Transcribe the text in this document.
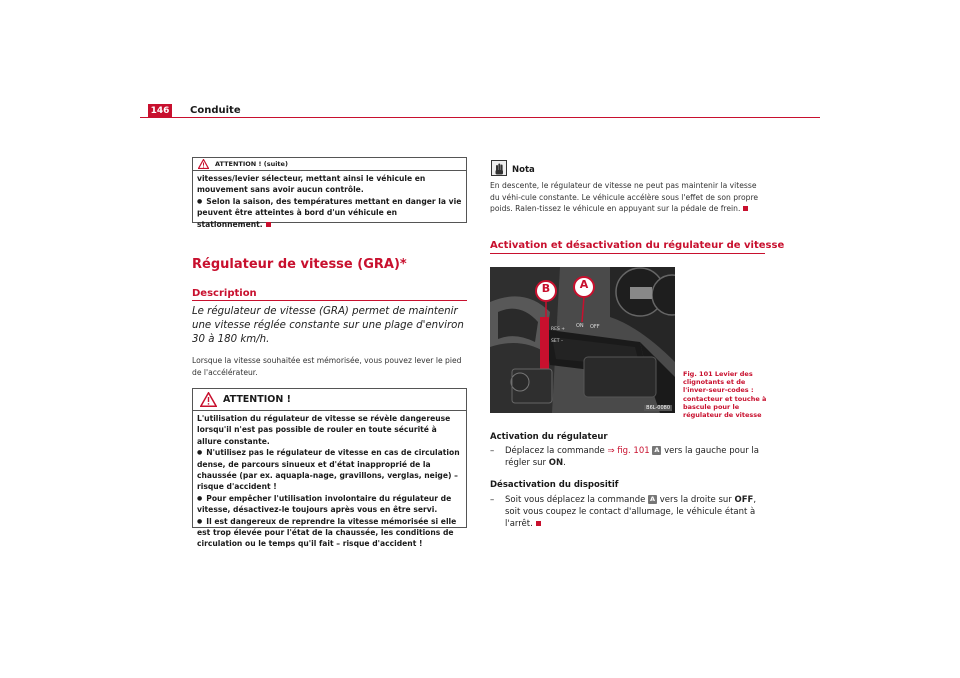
146 Conduite
ATTENTION ! (suite)

vitesses/levier sélecteur, mettant ainsi le véhicule en mouvement sans avoir aucun contrôle.

● Selon la saison, des températures mettant en danger la vie peuvent être atteintes à bord d'un véhicule en stationnement.

Régulateur de vitesse (GRA)*
Description
Le régulateur de vitesse (GRA) permet de maintenir une vitesse réglée constante sur une plage d'environ 30 à 180 km/h.
Lorsque la vitesse souhaitée est mémorisée, vous pouvez lever le pied de l'accélérateur.
ATTENTION !

L'utilisation du régulateur de vitesse se révèle dangereuse lorsqu'il n'est pas possible de rouler en toute sécurité à allure constante.

● N'utilisez pas le régulateur de vitesse en cas de circulation dense, de parcours sinueux et d'état inapproprié de la chaussée (par ex. aquapla-nage, gravillons, verglas, neige) – risque d'accident !

● Pour empêcher l'utilisation involontaire du régulateur de vitesse, désactivez-le toujours après vous en être servi.

● Il est dangereux de reprendre la vitesse mémorisée si elle est trop élevée pour l'état de la chaussée, les conditions de circulation ou le temps qu'il fait – risque d'accident !

Nota
En descente, le régulateur de vitesse ne peut pas maintenir la vitesse du véhi-cule constante. Le véhicule accélère sous l'effet de son propre poids. Ralen-tissez le véhicule en appuyant sur la pédale de frein.
Activation et désactivation du régulateur de vitesse
B	A
ON OFF
RES +
SET –
B6L-0080
Fig. 101 Levier des clignotants et de l'inver-seur-codes : contacteur et touche à bascule pour le régulateur de vitesse
Activation du régulateur
–	Déplacez la commande ⇒ fig. 101 A vers la gauche pour la régler sur ON.
Désactivation du dispositif
–	Soit vous déplacez la commande A vers la droite sur OFF, soit vous coupez le contact d'allumage, le véhicule étant à l'arrêt.
